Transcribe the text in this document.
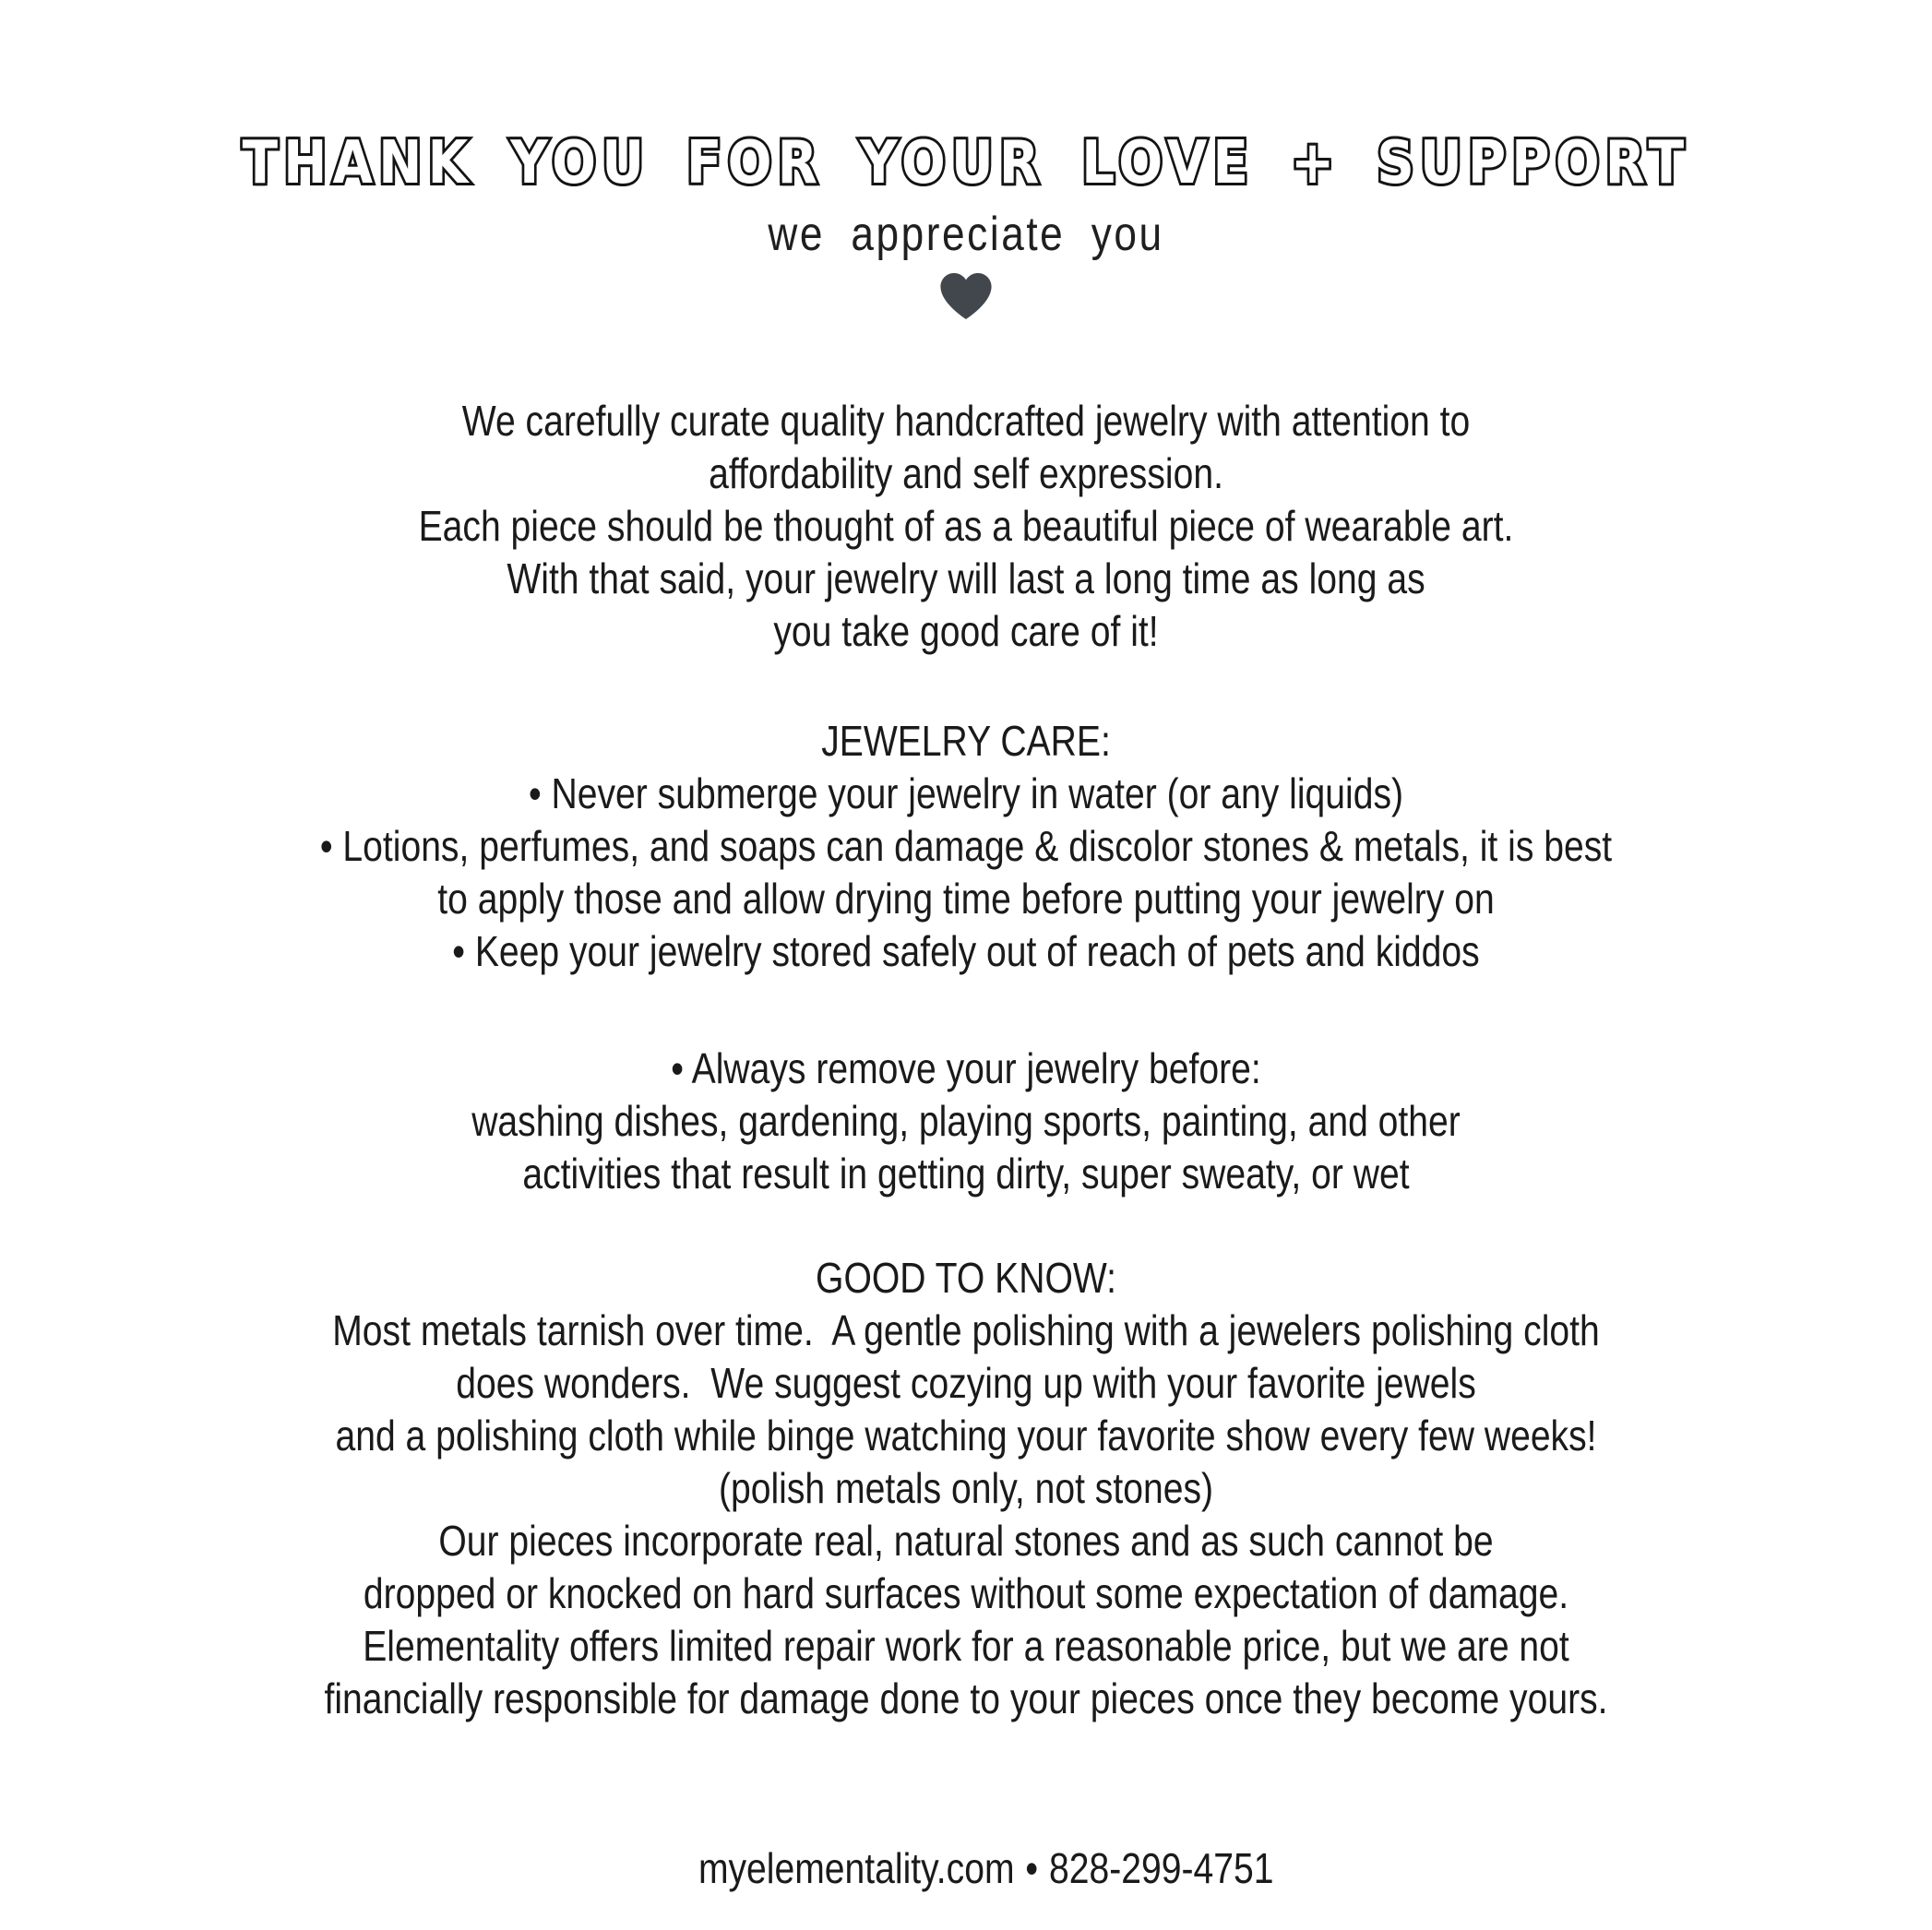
THANK YOU FOR YOUR LOVE + SUPPORT
we appreciate you
We carefully curate quality handcrafted jewelry with attention to
affordability and self expression.
Each piece should be thought of as a beautiful piece of wearable art.
With that said, your jewelry will last a long time as long as
you take good care of it!
JEWELRY CARE:
• Never submerge your jewelry in water (or any liquids)
• Lotions, perfumes, and soaps can damage & discolor stones & metals, it is best
to apply those and allow drying time before putting your jewelry on
• Keep your jewelry stored safely out of reach of pets and kiddos
• Always remove your jewelry before:
washing dishes, gardening, playing sports, painting, and other
activities that result in getting dirty, super sweaty, or wet
GOOD TO KNOW:
Most metals tarnish over time.  A gentle polishing with a jewelers polishing cloth
does wonders.  We suggest cozying up with your favorite jewels
and a polishing cloth while binge watching your favorite show every few weeks!
(polish metals only, not stones)
Our pieces incorporate real, natural stones and as such cannot be
dropped or knocked on hard surfaces without some expectation of damage.
Elementality offers limited repair work for a reasonable price, but we are not
financially responsible for damage done to your pieces once they become yours.

myelementality.com • 828-299-4751
